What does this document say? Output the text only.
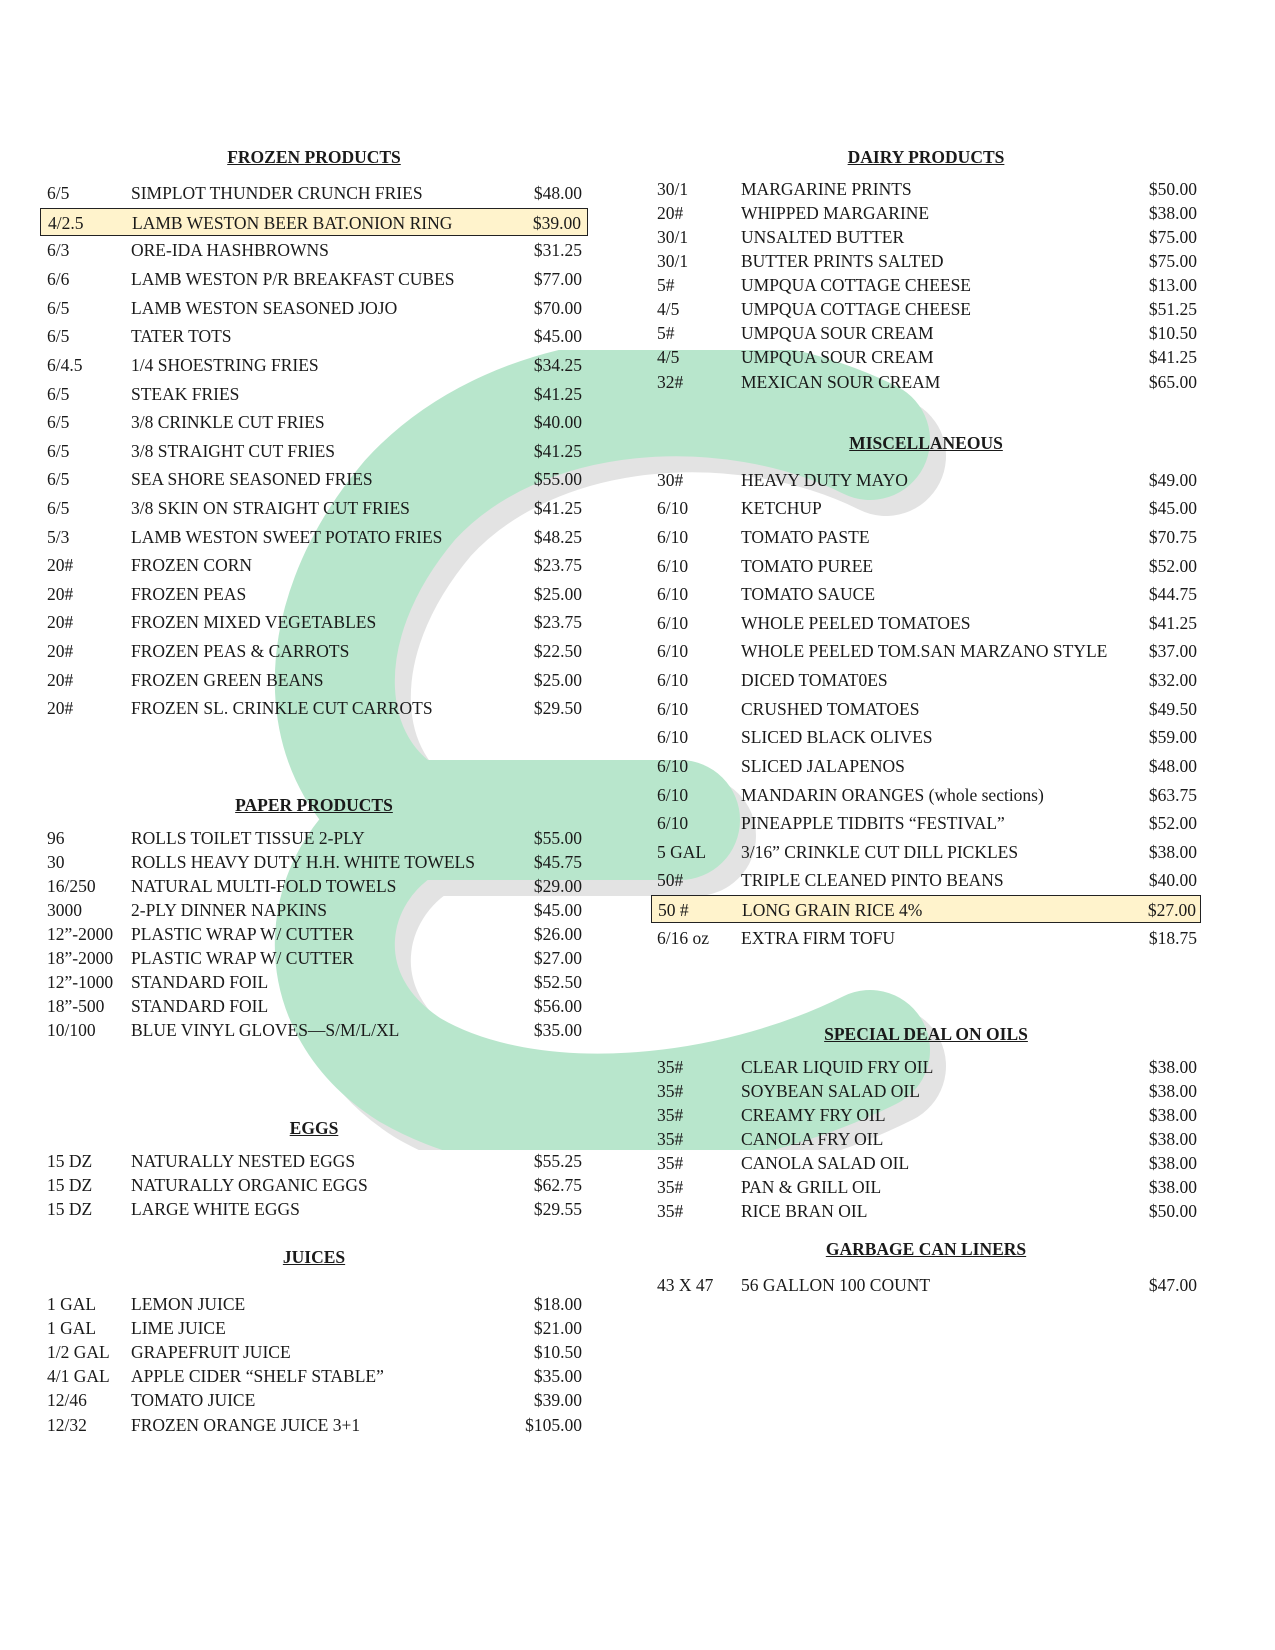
FROZEN PRODUCTS
6/5	SIMPLOT THUNDER CRUNCH FRIES	$48.00
4/2.5	LAMB WESTON BEER BAT.ONION RING	$39.00
6/3	ORE-IDA HASHBROWNS	$31.25
6/6	LAMB WESTON P/R BREAKFAST CUBES	$77.00
6/5	LAMB WESTON SEASONED JOJO	$70.00
6/5	TATER TOTS	$45.00
6/4.5	1/4 SHOESTRING FRIES	$34.25
6/5	STEAK FRIES	$41.25
6/5	3/8 CRINKLE CUT FRIES	$40.00
6/5	3/8 STRAIGHT CUT FRIES	$41.25
6/5	SEA SHORE SEASONED FRIES	$55.00
6/5	3/8 SKIN ON STRAIGHT CUT FRIES	$41.25
5/3	LAMB WESTON SWEET POTATO FRIES	$48.25
20#	FROZEN CORN	$23.75
20#	FROZEN PEAS	$25.00
20#	FROZEN MIXED VEGETABLES	$23.75
20#	FROZEN PEAS & CARROTS	$22.50
20#	FROZEN GREEN BEANS	$25.00
20#	FROZEN SL. CRINKLE CUT CARROTS	$29.50
PAPER PRODUCTS
96	ROLLS TOILET TISSUE 2-PLY	$55.00
30	ROLLS HEAVY DUTY H.H. WHITE TOWELS	$45.75
16/250 NATURAL MULTI-FOLD TOWELS	$29.00
3000	2-PLY DINNER NAPKINS	$45.00
12”-2000 PLASTIC WRAP W/ CUTTER	$26.00
18”-2000 PLASTIC WRAP W/ CUTTER	$27.00
12”-1000 STANDARD FOIL	$52.50
18”-500 STANDARD FOIL	$56.00
10/100 BLUE VINYL GLOVES—S/M/L/XL	$35.00
EGGS
15 DZ NATURALLY NESTED EGGS	$55.25
15 DZ NATURALLY ORGANIC EGGS	$62.75
15 DZ LARGE WHITE EGGS	$29.55
JUICES
1 GAL LEMON JUICE	$18.00
1 GAL LIME JUICE	$21.00
1/2 GAL GRAPEFRUIT JUICE	$10.50
4/1 GAL APPLE CIDER “SHELF STABLE”	$35.00
12/46	TOMATO JUICE	$39.00
12/32	FROZEN ORANGE JUICE 3+1	$105.00
DAIRY PRODUCTS
30/1	MARGARINE PRINTS	$50.00
20#	WHIPPED MARGARINE	$38.00
30/1	UNSALTED BUTTER	$75.00
30/1	BUTTER PRINTS SALTED	$75.00
5#	UMPQUA COTTAGE CHEESE	$13.00
4/5	UMPQUA COTTAGE CHEESE	$51.25
5#	UMPQUA SOUR CREAM	$10.50
4/5	UMPQUA SOUR CREAM	$41.25
32#	MEXICAN SOUR CREAM	$65.00
MISCELLANEOUS
30#	HEAVY DUTY MAYO	$49.00
6/10	KETCHUP	$45.00
6/10	TOMATO PASTE	$70.75
6/10	TOMATO PUREE	$52.00
6/10	TOMATO SAUCE	$44.75
6/10	WHOLE PEELED TOMATOES	$41.25
6/10	WHOLE PEELED TOM.SAN MARZANO STYLE $37.00
6/10	DICED TOMAT0ES	$32.00
6/10	CRUSHED TOMATOES	$49.50
6/10	SLICED BLACK OLIVES	$59.00
6/10	SLICED JALAPENOS	$48.00
6/10	MANDARIN ORANGES (whole sections)	$63.75
6/10	PINEAPPLE TIDBITS “FESTIVAL”	$52.00
5 GAL 3/16” CRINKLE CUT DILL PICKLES	$38.00
50#	TRIPLE CLEANED PINTO BEANS	$40.00
50 #	LONG GRAIN RICE 4%	$27.00
6/16 oz EXTRA FIRM TOFU	$18.75
SPECIAL DEAL ON OILS
35#	CLEAR LIQUID FRY OIL	$38.00
35#	SOYBEAN SALAD OIL	$38.00
35#	CREAMY FRY OIL	$38.00
35#	CANOLA FRY OIL	$38.00
35#	CANOLA SALAD OIL	$38.00
35#	PAN & GRILL OIL	$38.00
35#	RICE BRAN OIL	$50.00
GARBAGE CAN LINERS
43 X 47 56 GALLON 100 COUNT	$47.00
